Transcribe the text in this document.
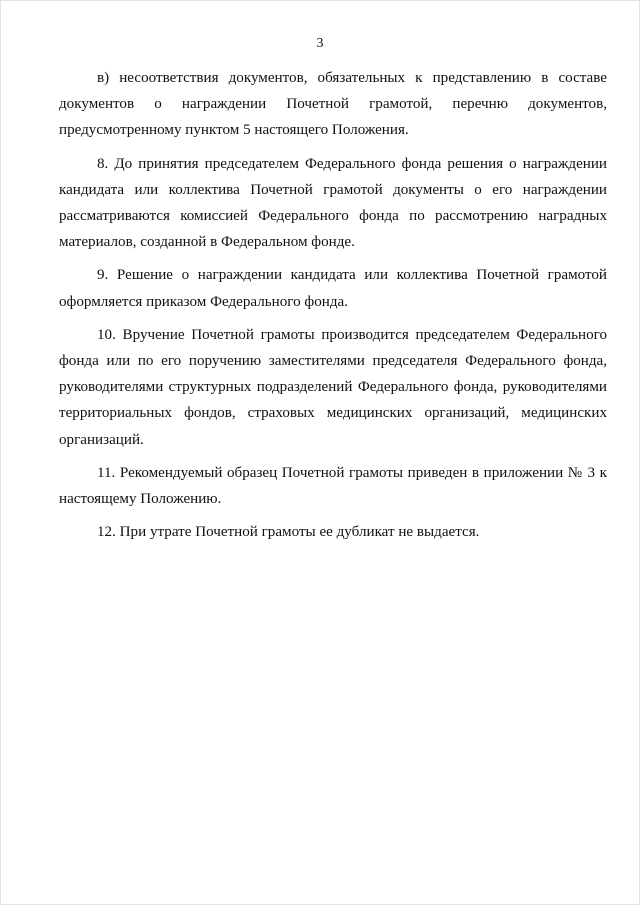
3

в) несоответствия документов, обязательных к представлению в составе документов о награждении Почетной грамотой, перечню документов, предусмотренному пунктом 5 настоящего Положения.

8. До принятия председателем Федерального фонда решения о награждении кандидата или коллектива Почетной грамотой документы о его награждении рассматриваются комиссией Федерального фонда по рассмотрению наградных материалов, созданной в Федеральном фонде.

9. Решение о награждении кандидата или коллектива Почетной грамотой оформляется приказом Федерального фонда.

10. Вручение Почетной грамоты производится председателем Федерального фонда или по его поручению заместителями председателя Федерального фонда, руководителями структурных подразделений Федерального фонда, руководителями территориальных фондов, страховых медицинских организаций, медицинских организаций.

11. Рекомендуемый образец Почетной грамоты приведен в приложении № 3 к настоящему Положению.

12. При утрате Почетной грамоты ее дубликат не выдается.
